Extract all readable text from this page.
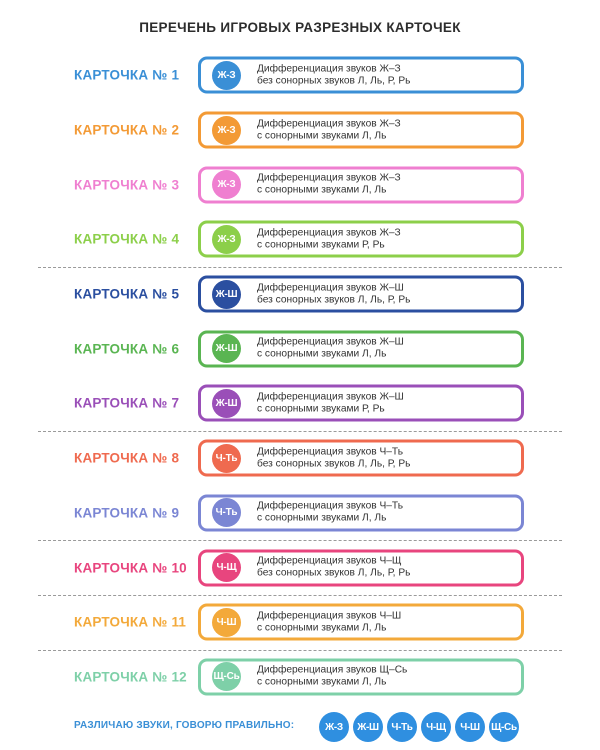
ПЕРЕЧЕНЬ ИГРОВЫХ РАЗРЕЗНЫХ КАРТОЧЕК
КАРТОЧКА № 1	Ж-З
Дифференциация звуков Ж–З
без сонорных звуков Л, Ль, Р, Рь
КАРТОЧКА № 2	Ж-З
Дифференциация звуков Ж–З
с сонорными звуками Л, Ль
КАРТОЧКА № 3	Ж-З
Дифференциация звуков Ж–З
с сонорными звуками Л, Ль
КАРТОЧКА № 4	Ж-З
Дифференциация звуков Ж–З
с сонорными звуками Р, Рь
КАРТОЧКА № 5	Ж-Ш
Дифференциация звуков Ж–Ш
без сонорных звуков Л, Ль, Р, Рь
КАРТОЧКА № 6	Ж-Ш
Дифференциация звуков Ж–Ш
с сонорными звуками Л, Ль
КАРТОЧКА № 7	Ж-Ш
Дифференциация звуков Ж–Ш
с сонорными звуками Р, Рь
КАРТОЧКА № 8	Ч-Ть
Дифференциация звуков Ч–Ть
без сонорных звуков Л, Ль, Р, Рь
КАРТОЧКА № 9	Ч-Ть
Дифференциация звуков Ч–Ть
с сонорными звуками Л, Ль
КАРТОЧКА № 10	Ч-Щ
Дифференциация звуков Ч–Щ
без сонорных звуков Л, Ль, Р, Рь
КАРТОЧКА № 11	Ч-Ш
Дифференциация звуков Ч–Ш
с сонорными звуками Л, Ль
КАРТОЧКА № 12	Щ-Сь
Дифференциация звуков Щ–Сь
с сонорными звуками Л, Ль
РАЗЛИЧАЮ ЗВУКИ, ГОВОРЮ ПРАВИЛЬНО:	Ж-З	Ж-Ш	Ч-Ть	Ч-Щ	Ч-Ш	Щ-Сь
